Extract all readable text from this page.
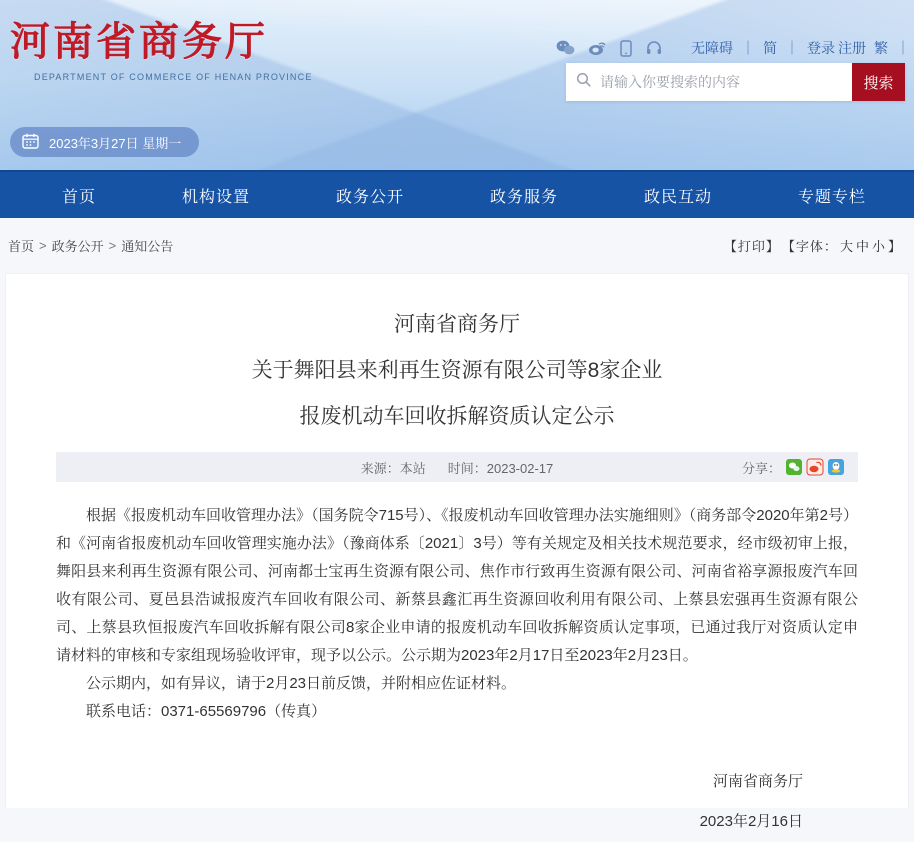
河南省商务厅
DEPARTMENT OF COMMERCE OF HENAN PROVINCE
无障碍 ｜ 简 ｜ 登录 注册 繁 ｜
请输入你要搜索的内容
搜索
2023年3月27日 星期一
首页	机构设置	政务公开	政务服务	政民互动	专题专栏
首页 > 政务公开 > 通知公告	【打印】 【字体： 大 中 小 】
河南省商务厅
关于舞阳县来利再生资源有限公司等8家企业
报废机动车回收拆解资质认定公示
来源：本站 时间：2023-02-17	分享：

根据《报废机动车回收管理办法》（国务院令715号）、《报废机动车回收管理办法实施细则》（商务部令2020年第2号）和《河南省报废机动车回收管理实施办法》（豫商体系〔2021〕3号）等有关规定及相关技术规范要求，经市级初审上报，舞阳县来利再生资源有限公司、河南都士宝再生资源有限公司、焦作市行致再生资源有限公司、河南省裕享源报废汽车回收有限公司、夏邑县浩诚报废汽车回收有限公司、新蔡县鑫汇再生资源回收利用有限公司、上蔡县宏强再生资源有限公司、上蔡县玖恒报废汽车回收拆解有限公司8家企业申请的报废机动车回收拆解资质认定事项，已通过我厅对资质认定申请材料的审核和专家组现场验收评审，现予以公示。公示期为2023年2月17日至2023年2月23日。

公示期内，如有异议，请于2月23日前反馈，并附相应佐证材料。

联系电话：0371-65569796（传真）

河南省商务厅
2023年2月16日
